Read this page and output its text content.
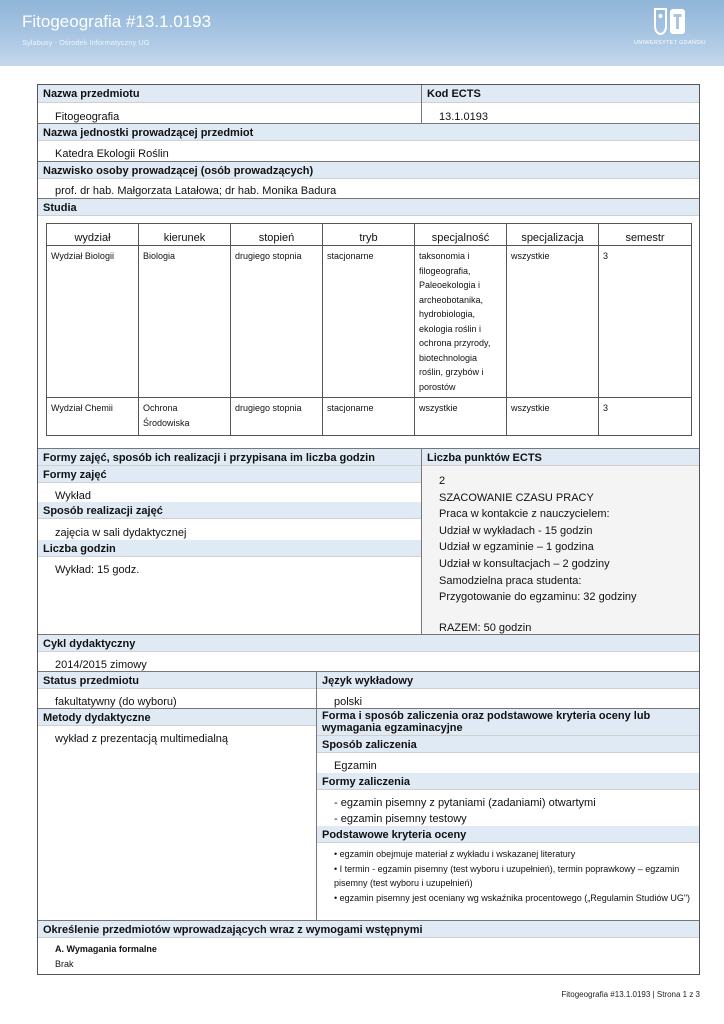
Fitogeografia #13.1.0193
Sylabusy - Ośrodek Informatyczny UG	UNIWERSYTET GDAŃSKI
Nazwa przedmiotu	Kod ECTS
Fitogeografia	13.1.0193
Nazwa jednostki prowadzącej przedmiot
Katedra Ekologii Roślin
Nazwisko osoby prowadzącej (osób prowadzących)
prof. dr hab. Małgorzata Latałowa; dr hab. Monika Badura
Studia
wydział	kierunek	stopień	tryb	specjalność	specjalizacja	semestr
Wydział Biologii	Biologia	drugiego stopnia	stacjonarne	taksonomia i filogeografia, Paleoekologia i archeobotanika, hydrobiologia, ekologia roślin i ochrona przyrody, biotechnologia roślin, grzybów i porostów	wszystkie	3
Wydział Chemii	Ochrona Środowiska	drugiego stopnia	stacjonarne	wszystkie	wszystkie	3
Formy zajęć, sposób ich realizacji i przypisana im liczba godzin	Liczba punktów ECTS
Formy zajęć
Wykład
Sposób realizacji zajęć
zajęcia w sali dydaktycznej
Liczba godzin
Wykład: 15 godz.
2
SZACOWANIE CZASU PRACY
Praca w kontakcie z nauczycielem:
Udział w wykładach - 15 godzin
Udział w egzaminie – 1 godzina
Udział w konsultacjach – 2 godziny
Samodzielna praca studenta:
Przygotowanie do egzaminu: 32 godziny
RAZEM: 50 godzin
Cykl dydaktyczny
2014/2015 zimowy
Status przedmiotu	Język wykładowy
fakultatywny (do wyboru)	polski
Metody dydaktyczne
wykład z prezentacją multimedialną
Forma i sposób zaliczenia oraz podstawowe kryteria oceny lub wymagania egzaminacyjne
Sposób zaliczenia
Egzamin
Formy zaliczenia
- egzamin pisemny z pytaniami (zadaniami) otwartymi
- egzamin pisemny testowy
Podstawowe kryteria oceny
• egzamin obejmuje materiał z wykładu i wskazanej literatury
• I termin - egzamin pisemny (test wyboru i uzupełnień), termin poprawkowy – egzamin pisemny (test wyboru i uzupełnień)
• egzamin pisemny jest oceniany wg wskaźnika procentowego („Regulamin Studiów UG")
Określenie przedmiotów wprowadzających wraz z wymogami wstępnymi
A. Wymagania formalne
Brak
Fitogeografia #13.1.0193 | Strona 1 z 3
